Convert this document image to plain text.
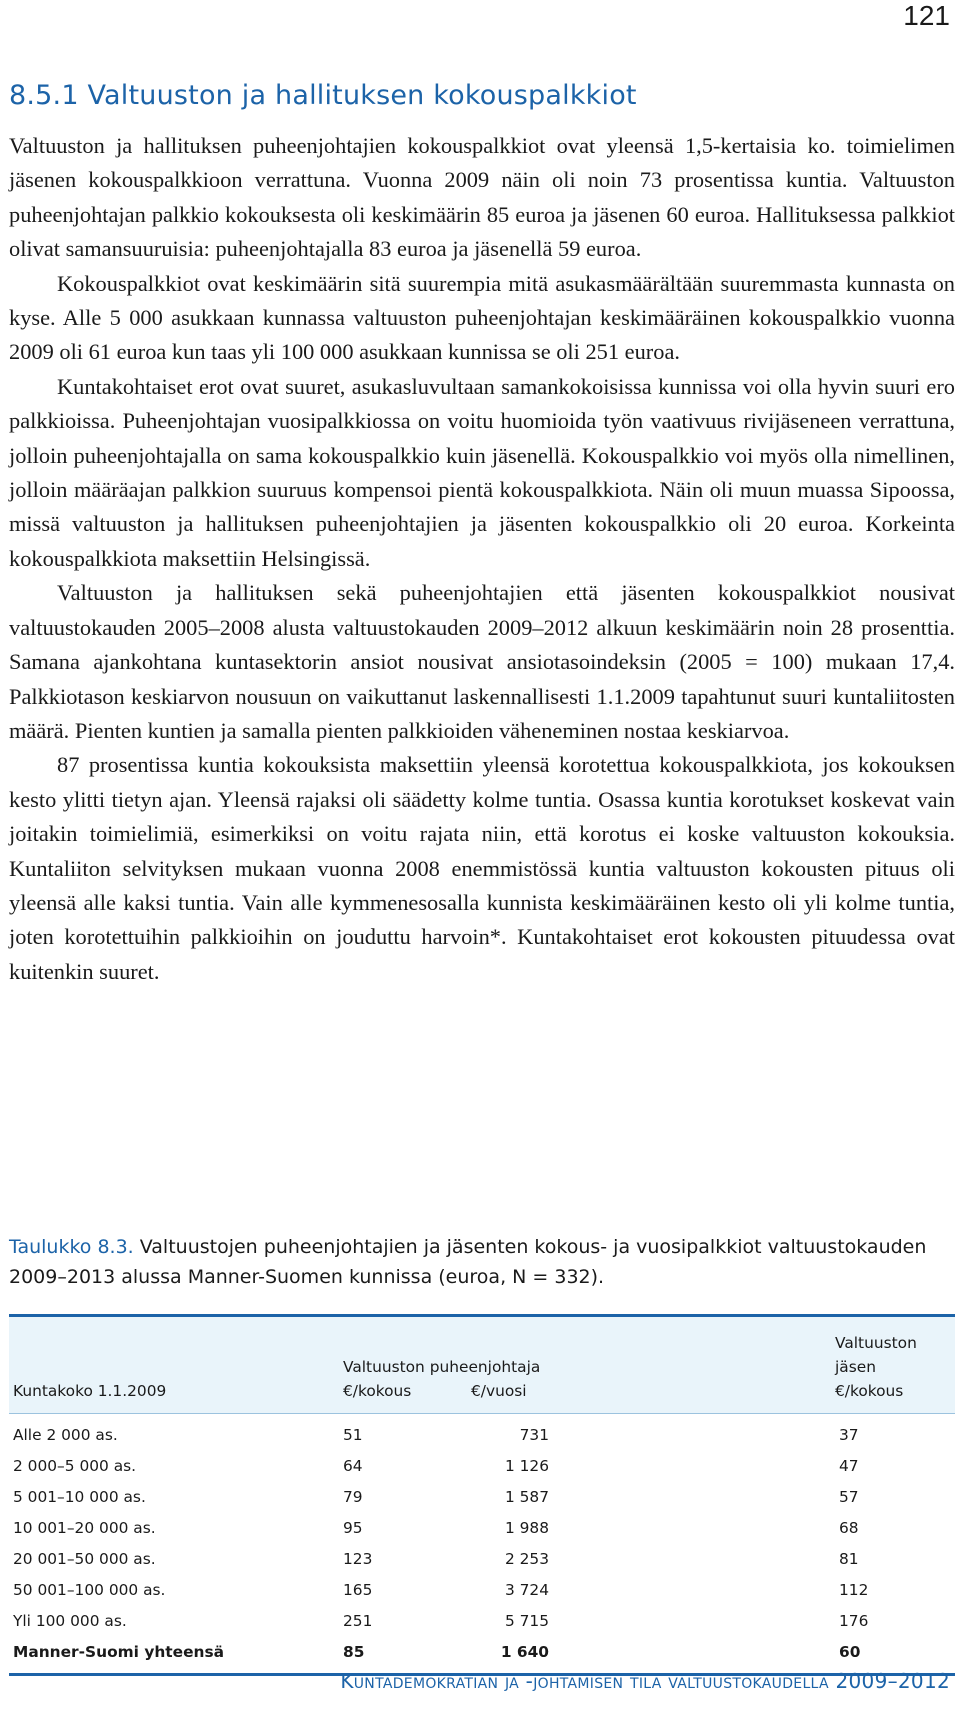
121
8.5.1 Valtuuston ja hallituksen kokouspalkkiot

Valtuuston ja hallituksen puheenjohtajien kokouspalkkiot ovat yleensä 1,5-kertaisia ko. toimielimen jäsenen kokouspalkkioon verrattuna. Vuonna 2009 näin oli noin 73 prosentissa kuntia. Valtuuston puheenjohtajan palkkio kokouksesta oli keskimäärin 85 euroa ja jäsenen 60 euroa. Hallituksessa palkkiot olivat samansuuruisia: puheenjohtajalla 83 euroa ja jäsenellä 59 euroa.

Kokouspalkkiot ovat keskimäärin sitä suurempia mitä asukasmäärältään suuremmasta kunnasta on kyse. Alle 5 000 asukkaan kunnassa valtuuston puheenjohtajan keskimääräinen kokouspalkkio vuonna 2009 oli 61 euroa kun taas yli 100 000 asukkaan kunnissa se oli 251 euroa.

Kuntakohtaiset erot ovat suuret, asukasluvultaan samankokoisissa kunnissa voi olla hyvin suuri ero palkkioissa. Puheenjohtajan vuosipalkkiossa on voitu huomioida työn vaativuus rivijäseneen verrattuna, jolloin puheenjohtajalla on sama kokouspalkkio kuin jäsenellä. Kokouspalkkio voi myös olla nimellinen, jolloin määräajan palkkion suuruus kompensoi pientä kokouspalkkiota. Näin oli muun muassa Sipoossa, missä valtuuston ja hallituksen puheenjohtajien ja jäsenten kokouspalkkio oli 20 euroa. Korkeinta kokouspalkkiota maksettiin Helsingissä.

Valtuuston ja hallituksen sekä puheenjohtajien että jäsenten kokouspalkkiot nousivat valtuustokauden 2005–2008 alusta valtuustokauden 2009–2012 alkuun keskimäärin noin 28 prosenttia. Samana ajankohtana kuntasektorin ansiot nousivat ansiotasoindeksin (2005 = 100) mukaan 17,4. Palkkiotason keskiarvon nousuun on vaikuttanut laskennallisesti 1.1.2009 tapahtunut suuri kuntaliitosten määrä. Pienten kuntien ja samalla pienten palkkioiden väheneminen nostaa keskiarvoa.

87 prosentissa kuntia kokouksista maksettiin yleensä korotettua kokouspalkkiota, jos kokouksen kesto ylitti tietyn ajan. Yleensä rajaksi oli säädetty kolme tuntia. Osassa kuntia korotukset koskevat vain joitakin toimielimiä, esimerkiksi on voitu rajata niin, että korotus ei koske valtuuston kokouksia. Kuntaliiton selvityksen mukaan vuonna 2008 enemmistössä kuntia valtuuston kokousten pituus oli yleensä alle kaksi tuntia. Vain alle kymmenesosalla kunnista keskimääräinen kesto oli yli kolme tuntia, joten korotettuihin palkkioihin on jouduttu harvoin*. Kuntakohtaiset erot kokousten pituudessa ovat kuitenkin suuret.

Taulukko 8.3. Valtuustojen puheenjohtajien ja jäsenten kokous- ja vuosipalkkiot valtuustokauden 2009–2013 alussa Manner-Suomen kunnissa (euroa, N = 332).

		Valtuuston puheenjohtaja			Valtuuston jäsen
Kuntakoko 1.1.2009		€/kokous	€/vuosi		€/kokous
Alle 2 000 as.		51	731		37
2 000–5 000 as.		64	1 126		47
5 001–10 000 as.		79	1 587		57
10 001–20 000 as.		95	1 988		68
20 001–50 000 as.		123	2 253		81
50 001–100 000 as.		165	3 724		112
Yli 100 000 as.		251	5 715		176
Manner-Suomi yhteensä		85	1 640		60
Kuntademokratian ja -johtamisen tila valtuustokaudella 2009–2012
